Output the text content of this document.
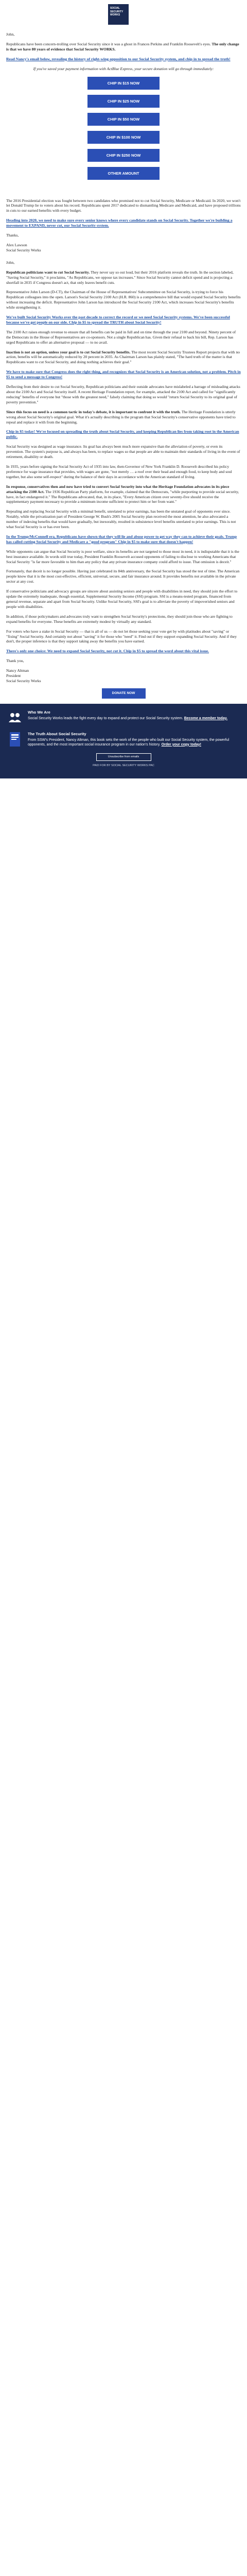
SOCIAL SECURITY WORKS

John,

Republicans have been concern-trolling over Social Security since it was a ghost in Frances Perkins and Franklin Roosevelt's eyes. The only change is that we have 80 years of evidence that Social Security WORKS.

Read Nancy's email below, revealing the history of right-wing opposition to our Social Security system, and chip in to spread the truth!

If you've saved your payment information with ActBlue Express, your secure donation will go through immediately:

CHIP IN $15 NOW
CHIP IN $25 NOW
CHIP IN $50 NOW
CHIP IN $100 NOW
CHIP IN $250 NOW
OTHER AMOUNT

The 2016 Presidential election was fought between two candidates who promised not to cut Social Security, Medicare or Medicaid. In 2020, we won't let Donald Trump lie to voters about his record. Republicans spent 2017 dedicated to dismantling Medicare and Medicaid, and have proposed trillions in cuts to our earned benefits with every budget.

Heading into 2020, we need to make sure every senior knows where every candidate stands on Social Security. Together we're building a movement to EXPAND, never cut, our Social Security system.

Thanks,

Alex Lawson
Social Security Works

John,

Republican politicians want to cut Social Security. They never say so out loud, but their 2016 platform reveals the truth. In the section labeled, "Saving Social Security," it proclaims, "As Republicans, we oppose tax increases." Since Social Security cannot deficit spend and is projecting a shortfall in 2035 if Congress doesn't act, that only leaves benefit cuts.

Representative John Larson (D-CT), the Chairman of the House of Representatives' Subcommittee on Social Security, is trying to force his Republican colleagues into the open. Larson's Social Security 2100 Act (H.R. 860) is a comprehensive bill that would expand Social Security benefits without increasing the deficit. Representative John Larson has introduced the Social Security 2100 Act, which increases Social Security's benefits while strengthening it.

We've built Social Security Works over the past decade to correct the record or we need Social Security systems. We've been successful because we've got people on our side. Chip in $5 to spread the TRUTH about Social Security!

The 2100 Act raises enough revenue to ensure that all benefits can be paid in full and on time through the year 2100 and beyond. Ninety percent of the Democrats in the House of Representatives are co-sponsors. Not a single Republican has. Given their refusal to back his bill, Rep. Larson has urged Republicans to offer an alternative proposal — to no avail.

Inaction is not an option, unless your goal is to cut Social Security benefits. The most recent Social Security Trustees Report projects that with no action, benefits will be automatically reduced by 20 percent in 2035. As Chairman Larson has plainly stated, "The hard truth of the matter is that Republicans want to cut Social Security, and doing nothing achieves their goal."

We have to make sure that Congress does the right thing, and recognizes that Social Security is an American solution, not a problem. Pitch in $5 to send a message to Congress!

Deflecting from their desire to cut Social Security, Republican politicians and their outside advocates have mislabeled a barrage of misleading attacks about the 2100 Act and Social Security itself. A recent Heritage Foundation report, for example, attacked the 2100 Act and called for "significantly reducing" benefits of everyone but "those with the greatest need," falsely claiming that doing so would "return Social Security to its original goal of poverty prevention."

Since this focus on need is a common tactic in today's debate, it is important to confront it with the truth. The Heritage Foundation is utterly wrong about Social Security's original goal. What it's actually describing is the program that Social Security's conservative opponents have tried to repeal and replace it with from the beginning.

Chip in $5 today! We're focused on spreading the truth about Social Security, and keeping Republican lies from taking root in the American public.

Social Security was designed as wage insurance. Its goal has always been much more expansive than the alleviation of poverty, or even its prevention. The system's purpose is, and always has been, to replace wages so that people are able to maintain their standards of living in the event of retirement, disability or death.

In 1935, years before signing the Social Security Act of 1935 into law, then-Governor of New York Franklin D. Roosevelt described his policy preference for wage insurance that provides, with wages are gone, "not merely … a roof over their head and enough food, to keep body and soul together, but also some self-respect" during the balance of their days in accordance with the American standard of living.

In response, conservatives then and now have tried to convert Social Security into what the Heritage Foundation advocates in its piece attacking the 2100 Act. The 1936 Republican Party platform, for example, claimed that the Democrats, "while purporting to provide social security, have, in fact endangered it." The Republicans advocated, that, in its place, "Every American citizen over seventy-five should receive the supplementary payment necessary to provide a minimum income sufficient to protect him or her from want."

Repealing and replacing Social Security with a minimal benefit, unrelated to prior earnings, has been the unstated goal of opponents ever since. Notably, while the privatization part of President George W. Bush's 2005 Social Security plan received the most attention, he also advocated a number of indexing benefits that would have gradually, but inexorably, resulted in subsistence level benefits unrelated to prior earnings. This is not what Social Security is or has ever been.

In the Trump/McConnell era, Republicans have shown that they will lie and abuse power to get way they can to achieve their goals. Trump has called cutting Social Security and Medicare a "good program" Chip in $5 to make sure that doesn't happen!

While opponents can argue that Social Security is poor welfare, since its benefits are not targeted to those most in need, it is indisputable that it is the best insurance available. In words still true today, President Franklin Roosevelt accused opponents of failing to disclose to working Americans that Social Security "is far more favorable to him than any policy that any private insurance company could afford to issue. That omission is deceit."

Fortunately, that deceit is no longer possible. Having just celebrated its 84th anniversary, the Social Security has stood the test of time. The American people know that it is the most cost-effective, efficient, universal, secure, and fair insurance around. It provides benefits not available in the private sector at any cost.

If conservative politicians and advocacy groups are sincere about assisting seniors and people with disabilities in need, they should join the effort to update the extremely inadequate, though essential, Supplemental Security Income (SSI) program. SSI is a means-tested program, financed from general revenue, separate and apart from Social Security. Unlike Social Security, SSI's goal is to alleviate the poverty of impoverished seniors and people with disabilities.

In addition, if those policymakers and advocates truly want to strengthen Social Security's protections, they should join those who are fighting to expand benefits for everyone. These benefits are extremely modest by virtually any standard.

For voters who have a stake in Social Security — that is all of us — do not let those seeking your vote get by with platitudes about "saving" or "fixing" Social Security. And certainly not about "saving" it for those who "need" it. Find out if they support expanding Social Security. And if they don't, the proper inference is that they support taking away the benefits you have earned.

There's only one choice: We need to expand Social Security, not cut it. Chip in $5 to spread the word about this vital issue.

Thank you,

Nancy Altman
President
Social Security Works

DONATE NOW

Who We Are

Social Security Works leads the fight every day to expand and protect our Social Security system. Become a member today.

The Truth About Social Security

From SSW's President, Nancy Altman, this book sets the work of the people who built our Social Security system, the powerful opponents, and the most important social insurance program in our nation's history. Order your copy today!

Unsubscribe from emails
PAID FOR BY SOCIAL SECURITY WORKS PAC
